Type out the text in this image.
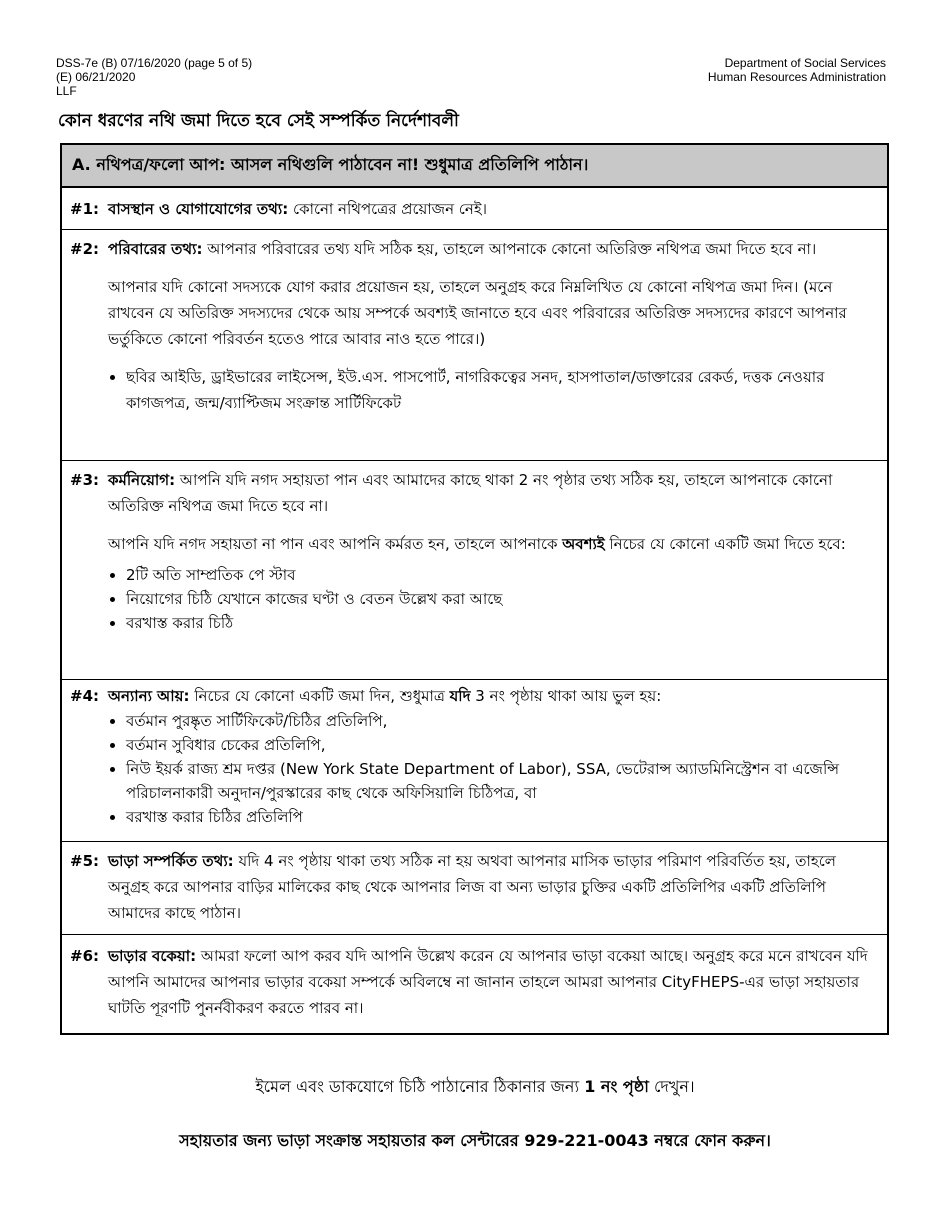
DSS-7e (B) 07/16/2020 (page 5 of 5)
(E) 06/21/2020
LLF
Department of Social Services
Human Resources Administration
কোন ধরণের নথি জমা দিতে হবে সেই সম্পর্কিত নির্দেশাবলী
A. নথিপত্র/ফলো আপ: আসল নথিগুলি পাঠাবেন না! শুধুমাত্র প্রতিলিপি পাঠান।
#1: বাসস্থান ও যোগাযোগের তথ্য: কোনো নথিপত্রের প্রয়োজন নেই।
#2: পরিবারের তথ্য: আপনার পরিবারের তথ্য যদি সঠিক হয়, তাহলে আপনাকে কোনো অতিরিক্ত নথিপত্র জমা দিতে হবে না।
আপনার যদি কোনো সদস্যকে যোগ করার প্রয়োজন হয়, তাহলে অনুগ্রহ করে নিম্নলিখিত যে কোনো নথিপত্র জমা দিন। (মনে রাখবেন যে অতিরিক্ত সদস্যদের থেকে আয় সম্পর্কে অবশ্যই জানাতে হবে এবং পরিবারের অতিরিক্ত সদস্যদের কারণে আপনার ভর্তুকিতে কোনো পরিবর্তন হতেও পারে আবার নাও হতে পারে।)
• ছবির আইডি, ড্রাইভারের লাইসেন্স, ইউ.এস. পাসপোর্ট, নাগরিকত্বের সনদ, হাসপাতাল/ডাক্তারের রেকর্ড, দত্তক নেওয়ার কাগজপত্র, জন্ম/ব্যাপ্টিজম সংক্রান্ত সার্টিফিকেট
#3: কর্মনিয়োগ: আপনি যদি নগদ সহায়তা পান এবং আমাদের কাছে থাকা 2 নং পৃষ্ঠার তথ্য সঠিক হয়, তাহলে আপনাকে কোনো অতিরিক্ত নথিপত্র জমা দিতে হবে না।
আপনি যদি নগদ সহায়তা না পান এবং আপনি কর্মরত হন, তাহলে আপনাকে অবশ্যই নিচের যে কোনো একটি জমা দিতে হবে:
• 2টি অতি সাম্প্রতিক পে স্টাব
• নিয়োগের চিঠি যেখানে কাজের ঘণ্টা ও বেতন উল্লেখ করা আছে
• বরখাস্ত করার চিঠি
#4: অন্যান্য আয়: নিচের যে কোনো একটি জমা দিন, শুধুমাত্র যদি 3 নং পৃষ্ঠায় থাকা আয় ভুল হয়:
• বর্তমান পুরষ্কৃত সার্টিফিকেট/চিঠির প্রতিলিপি,
• বর্তমান সুবিধার চেকের প্রতিলিপি,
• নিউ ইয়র্ক রাজ্য শ্রম দপ্তর (New York State Department of Labor), SSA, ভেটেরান্স অ্যাডমিনিস্ট্রেশন বা এজেন্সি পরিচালনাকারী অনুদান/পুরস্কারের কাছ থেকে অফিসিয়ালি চিঠিপত্র, বা
• বরখাস্ত করার চিঠির প্রতিলিপি
#5: ভাড়া সম্পর্কিত তথ্য: যদি 4 নং পৃষ্ঠায় থাকা তথ্য সঠিক না হয় অথবা আপনার মাসিক ভাড়ার পরিমাণ পরিবর্তিত হয়, তাহলে অনুগ্রহ করে আপনার বাড়ির মালিকের কাছ থেকে আপনার লিজ বা অন্য ভাড়ার চুক্তির একটি প্রতিলিপির একটি প্রতিলিপি আমাদের কাছে পাঠান।
#6: ভাড়ার বকেয়া: আমরা ফলো আপ করব যদি আপনি উল্লেখ করেন যে আপনার ভাড়া বকেয়া আছে। অনুগ্রহ করে মনে রাখবেন যদি আপনি আমাদের আপনার ভাড়ার বকেয়া সম্পর্কে অবিলম্বে না জানান তাহলে আমরা আপনার CityFHEPS-এর ভাড়া সহায়তার ঘাটতি পূরণটি পুনর্নবীকরণ করতে পারব না।
ইমেল এবং ডাকযোগে চিঠি পাঠানোর ঠিকানার জন্য 1 নং পৃষ্ঠা দেখুন।
সহায়তার জন্য ভাড়া সংক্রান্ত সহায়তার কল সেন্টারের 929-221-0043 নম্বরে ফোন করুন।
